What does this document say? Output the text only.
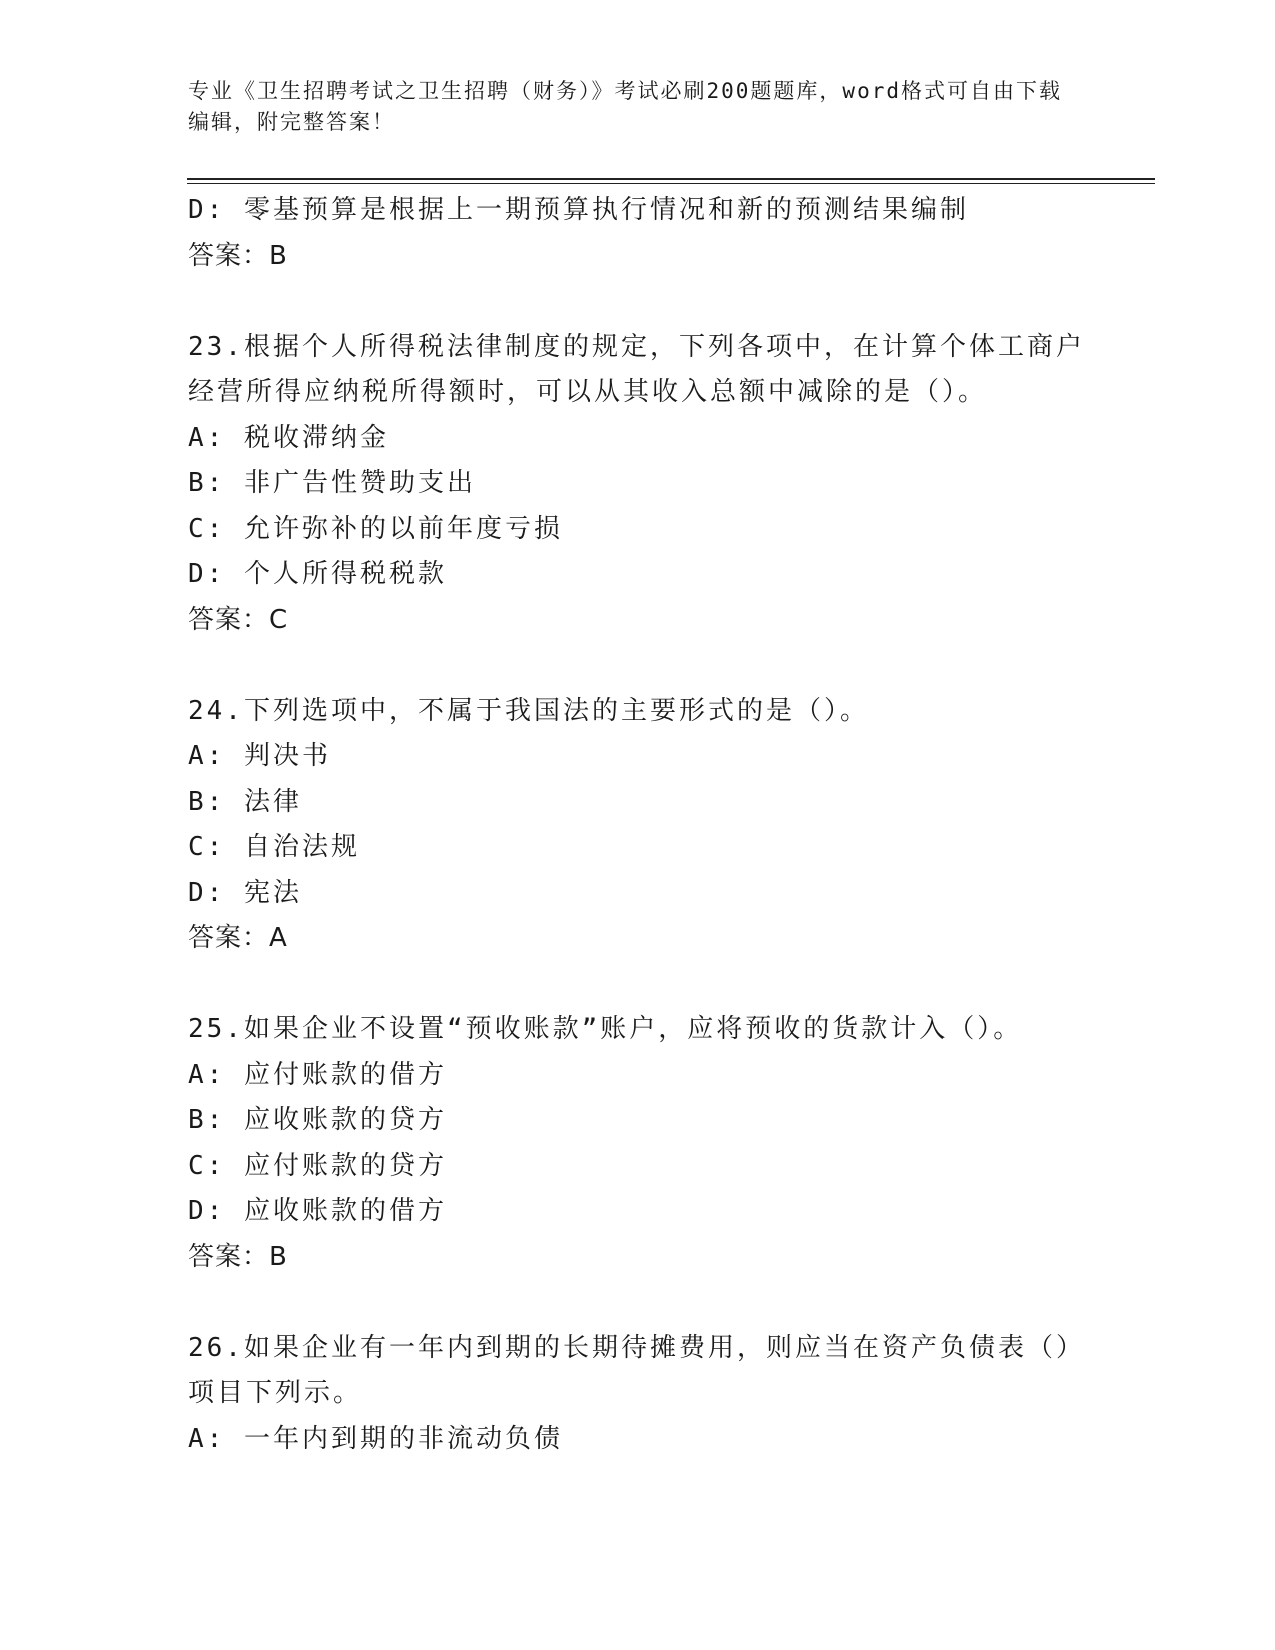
专业《卫生招聘考试之卫生招聘（财务）》考试必刷200题题库，word格式可自由下载编辑，附完整答案！
D: 零基预算是根据上一期预算执行情况和新的预测结果编制
答案：B
23.根据个人所得税法律制度的规定，下列各项中，在计算个体工商户
经营所得应纳税所得额时，可以从其收入总额中减除的是（）。
A: 税收滞纳金
B: 非广告性赞助支出
C: 允许弥补的以前年度亏损
D: 个人所得税税款
答案：C
24.下列选项中，不属于我国法的主要形式的是（）。
A: 判决书
B: 法律
C: 自治法规
D: 宪法
答案：A
25.如果企业不设置“预收账款”账户，应将预收的货款计入（）。
A: 应付账款的借方
B: 应收账款的贷方
C: 应付账款的贷方
D: 应收账款的借方
答案：B
26.如果企业有一年内到期的长期待摊费用，则应当在资产负债表（）
项目下列示。
A: 一年内到期的非流动负债
